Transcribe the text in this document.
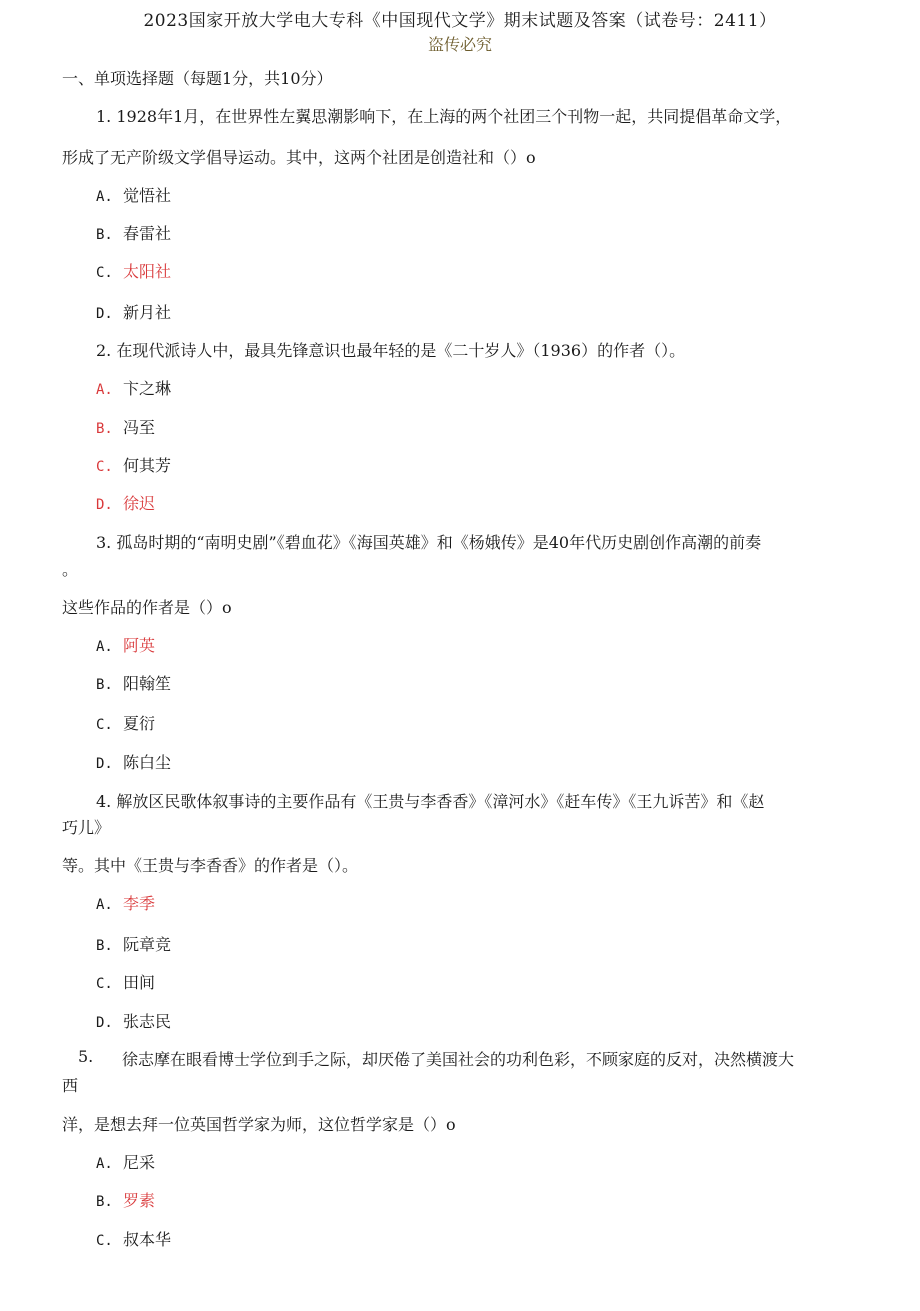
2023国家开放大学电大专科《中国现代文学》期末试题及答案（试卷号：2411）
盗传必究
一、单项选择题（每题1分，共10分）
1. 1928年1月，在世界性左翼思潮影响下，在上海的两个社团三个刊物一起，共同提倡革命文学，
形成了无产阶级文学倡导运动。其中，这两个社团是创造社和（）o
A. 觉悟社
B. 春雷社
C. 太阳社
D. 新月社
2. 在现代派诗人中，最具先锋意识也最年轻的是《二十岁人》（1936）的作者（）。
A. 卞之琳
B. 冯至
C. 何其芳
D. 徐迟
3. 孤岛时期的“南明史剧”《碧血花》《海国英雄》和《杨娥传》是40年代历史剧创作高潮的前奏
。
这些作品的作者是（）o
A. 阿英
B. 阳翰笙
C. 夏衍
D. 陈白尘
4. 解放区民歌体叙事诗的主要作品有《王贵与李香香》《漳河水》《赶车传》《王九诉苦》和《赵
巧儿》
等。其中《王贵与李香香》的作者是（）。
A. 李季
B. 阮章竞
C. 田间
D. 张志民
5. 徐志摩在眼看博士学位到手之际，却厌倦了美国社会的功利色彩，不顾家庭的反对，决然横渡大
西
洋，是想去拜一位英国哲学家为师，这位哲学家是（）o
A. 尼采
B. 罗素
C. 叔本华
